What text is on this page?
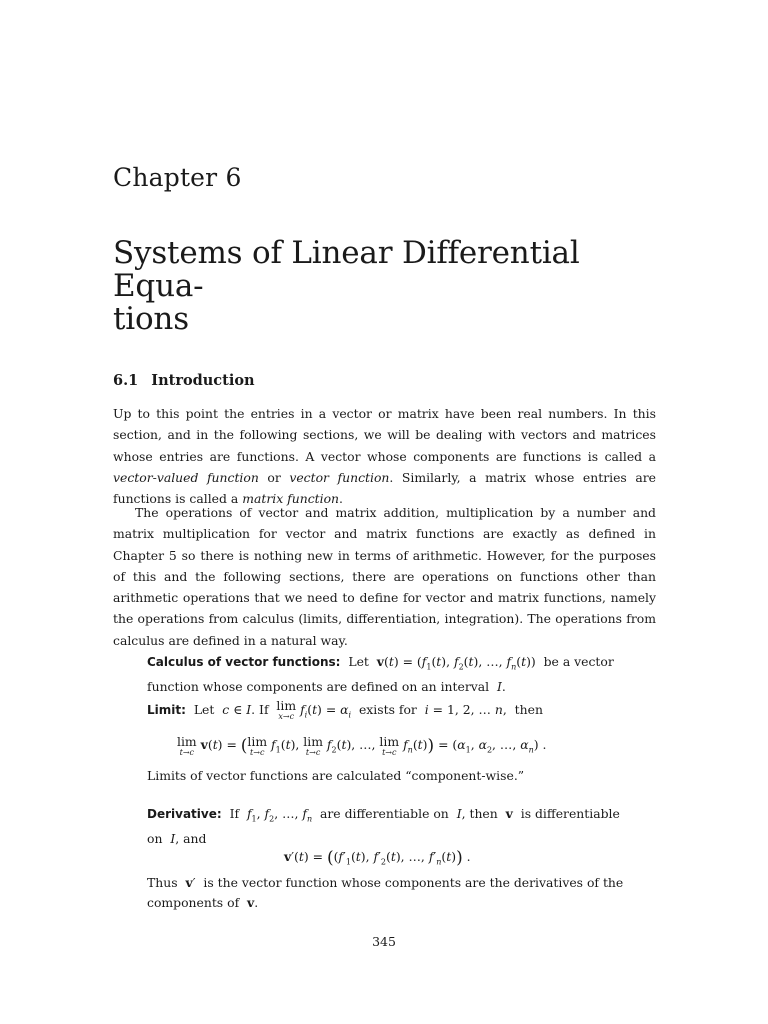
Chapter 6
Systems of Linear Differential Equa-
tions
6.1 Introduction

Up to this point the entries in a vector or matrix have been real numbers. In this section, and in the following sections, we will be dealing with vectors and matrices whose entries are functions. A vector whose components are functions is called a vector-valued function or vector function. Similarly, a matrix whose entries are functions is called a matrix function.

The operations of vector and matrix addition, multiplication by a number and matrix multiplication for vector and matrix functions are exactly as defined in Chapter 5 so there is nothing new in terms of arithmetic. However, for the purposes of this and the following sections, there are operations on functions other than arithmetic operations that we need to define for vector and matrix functions, namely the operations from calculus (limits, differentiation, integration). The operations from calculus are defined in a natural way.

Calculus of vector functions: Let $v(t) = (f_1(t)$, $f_2(t)$, …, $f_n(t)$) be a vector function whose components are defined on an interval I.

Limit: Let c ∈ I. If lim
x→c $f_i(t) = \alpha_i$ exists for i = 1, 2, … n,  then

lim
t→c
v(t) = (lim
t→c
$f_1(t)$, lim
t→c
$f_2(t)$, …, lim
t→c
$f_n(t)) = (\alpha_1$, $\alpha_2$, …, $\alpha_n$) .

Limits of vector functions are calculated “component-wise.”

Derivative: If $f_1$, $f_2$, …, $f_n$ are differentiable on I, then v is differentiable on I, and

$v'(t) = ((f'_1(t)$, $f'_2(t)$, …, $f'_n(t)$) .

Thus v′  is the vector function whose components are the derivatives of the components of v.

345
